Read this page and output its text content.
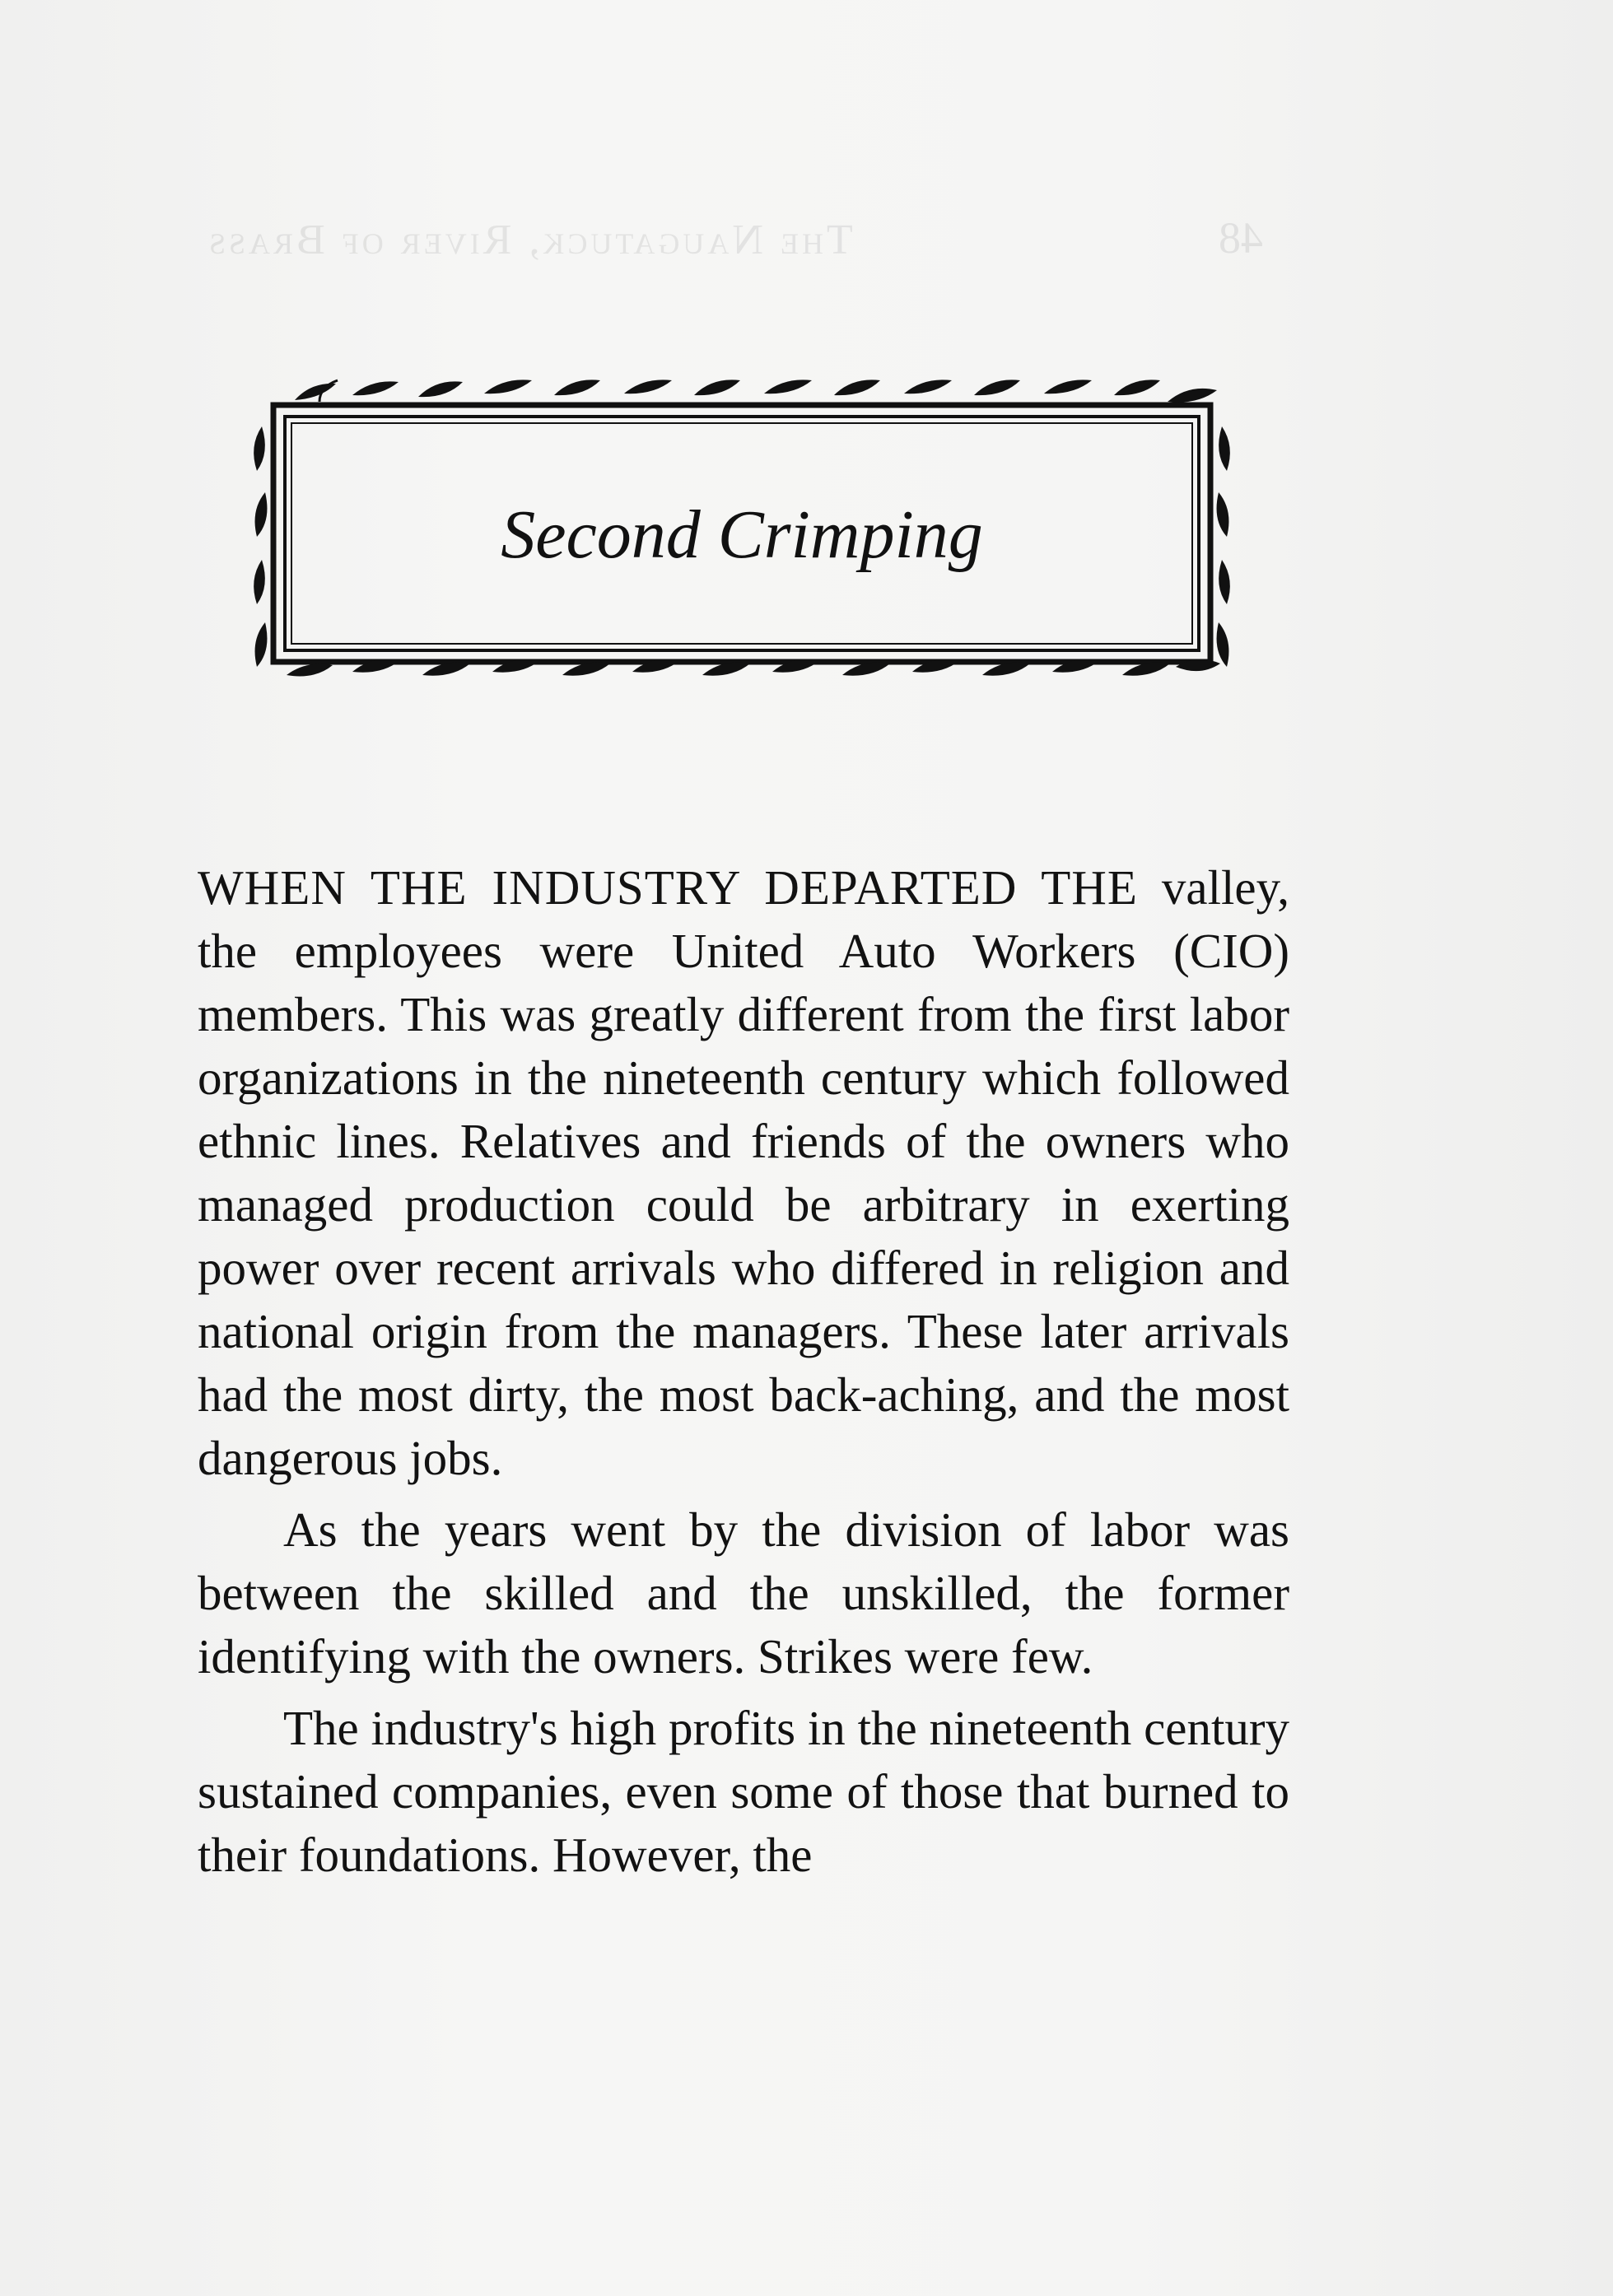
The Naugatuck, River of Brass	48
Second Crimping

WHEN THE INDUSTRY DEPARTED THE valley, the employees were United Auto Workers (CIO) members. This was greatly different from the first labor organizations in the nineteenth century which followed ethnic lines. Relatives and friends of the owners who managed production could be arbitrary in exerting power over recent arrivals who differed in religion and national origin from the managers. These later arrivals had the most dirty, the most back-aching, and the most dangerous jobs.

As the years went by the division of labor was between the skilled and the unskilled, the former identifying with the owners. Strikes were few.

The industry's high profits in the nineteenth century sustained companies, even some of those that burned to their foundations. However, the
